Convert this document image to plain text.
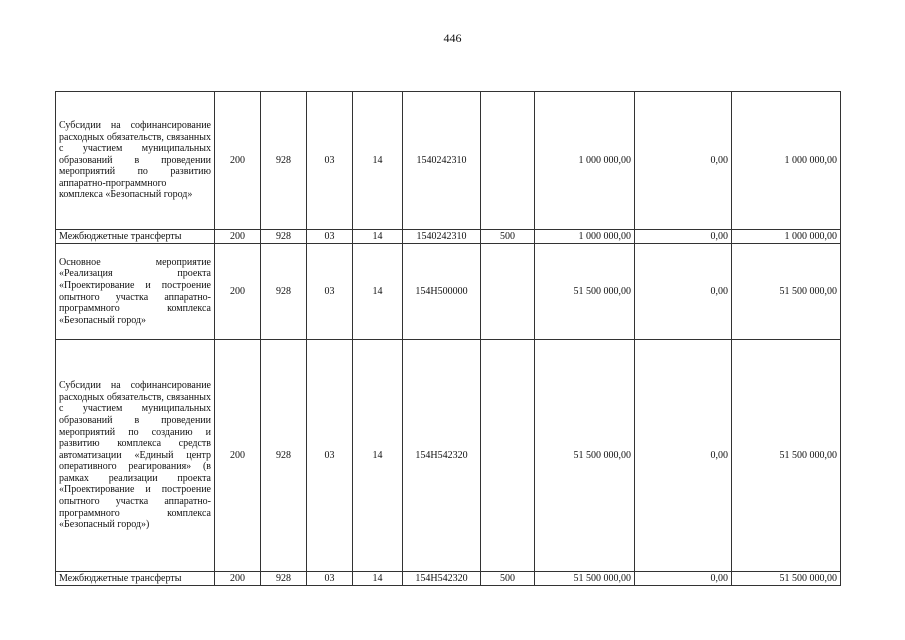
446
Субсидии на софинансирование расходных обязательств, связанных с участием муниципальных образований в проведении мероприятий по развитию аппаратно-программного комплекса «Безопасный город»	200	928	03	14	1540242310		1 000 000,00	0,00	1 000 000,00
Межбюджетные трансферты	200	928	03	14	1540242310	500	1 000 000,00	0,00	1 000 000,00
Основное мероприятие «Реализация проекта «Проектирование и построение опытного участка аппаратно-программного комплекса «Безопасный город»	200	928	03	14	154Н500000		51 500 000,00	0,00	51 500 000,00
Субсидии на софинансирование расходных обязательств, связанных с участием муниципальных образований в проведении мероприятий по созданию и развитию комплекса средств автоматизации «Единый центр оперативного реагирования» (в рамках реализации проекта «Проектирование и построение опытного участка аппаратно-программного комплекса «Безопасный город»)	200	928	03	14	154Н542320		51 500 000,00	0,00	51 500 000,00
Межбюджетные трансферты	200	928	03	14	154Н542320	500	51 500 000,00	0,00	51 500 000,00
